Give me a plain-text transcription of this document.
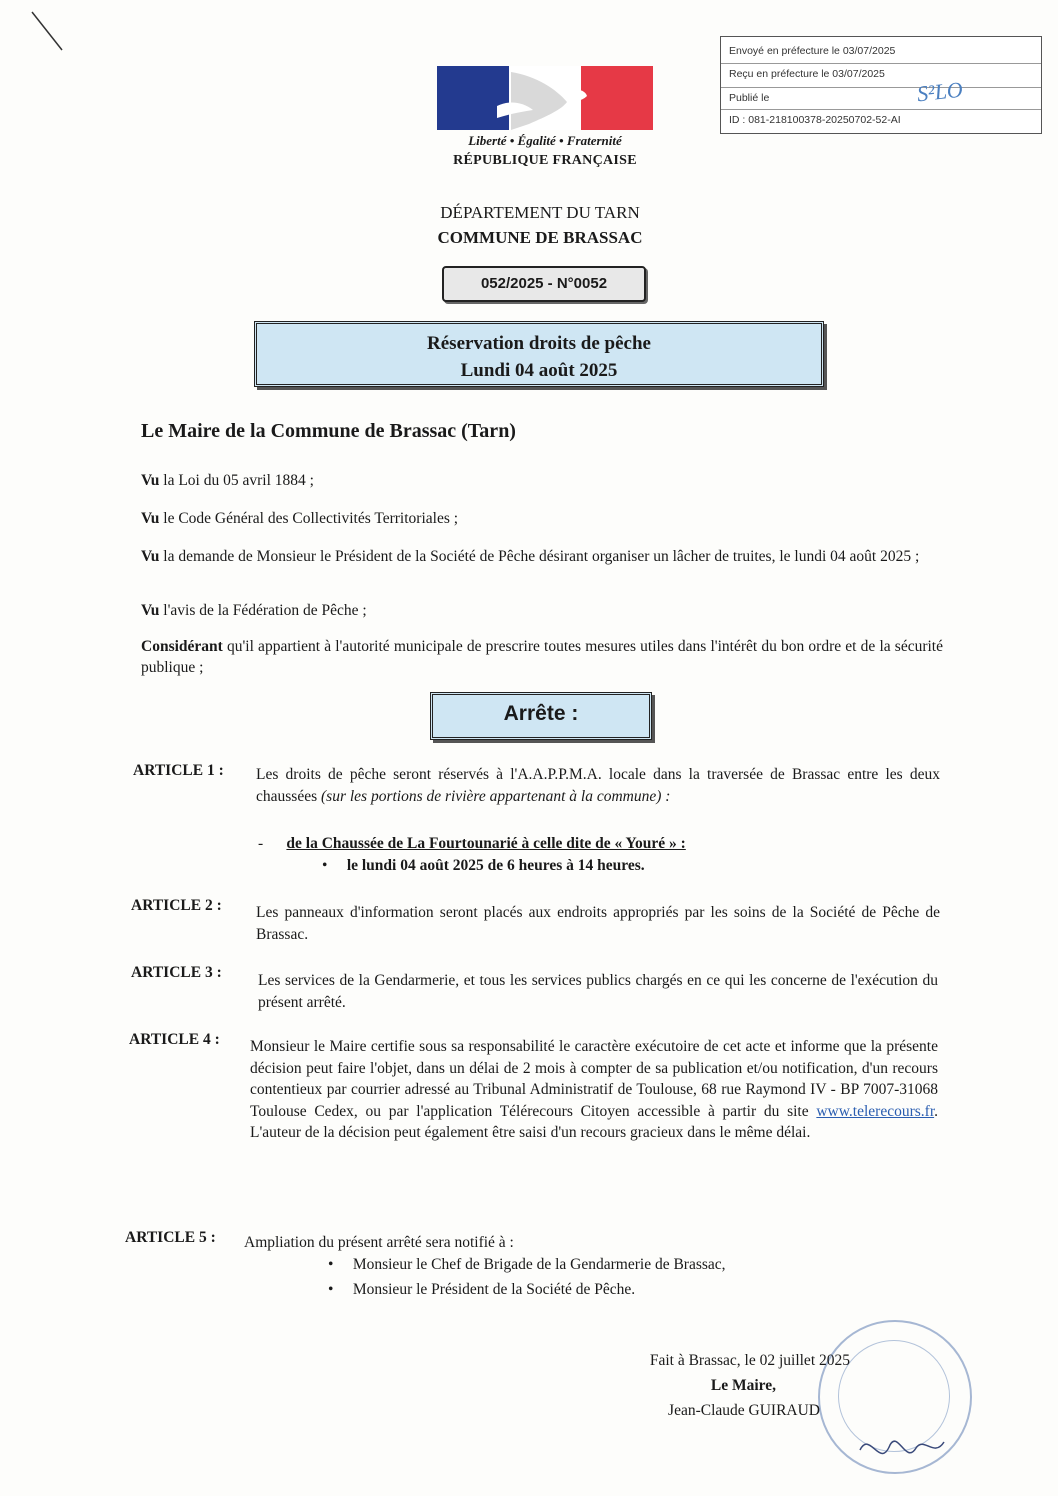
Envoyé en préfecture le 03/07/2025
Reçu en préfecture le 03/07/2025
Publié le
ID : 081-218100378-20250702-52-AI
S²LO
Liberté • Égalité • Fraternité
RÉPUBLIQUE FRANÇAISE
DÉPARTEMENT DU TARN
COMMUNE DE BRASSAC
052/2025 - N°0052
Réservation droits de pêche
Lundi 04 août 2025
Le Maire de la Commune de Brassac (Tarn)
Vu la Loi du 05 avril 1884 ;
Vu le Code Général des Collectivités Territoriales ;
Vu la demande de Monsieur le Président de la Société de Pêche désirant organiser un lâcher de truites, le lundi 04 août 2025 ;
Vu l'avis de la Fédération de Pêche ;
Considérant qu'il appartient à l'autorité municipale de prescrire toutes mesures utiles dans l'intérêt du bon ordre et de la sécurité publique ;
Arrête :
ARTICLE 1 : Les droits de pêche seront réservés à l'A.A.P.P.M.A. locale dans la traversée de Brassac entre les deux chaussées (sur les portions de rivière appartenant à la commune) :
-      de la Chaussée de La Fourtounarié à celle dite de « Youré » :
•     le lundi 04 août 2025 de 6 heures à 14 heures.
ARTICLE 2 : Les panneaux d'information seront placés aux endroits appropriés par les soins de la Société de Pêche de Brassac.
ARTICLE 3 : Les services de la Gendarmerie, et tous les services publics chargés en ce qui les concerne de l'exécution du présent arrêté.
ARTICLE 4 : Monsieur le Maire certifie sous sa responsabilité le caractère exécutoire de cet acte et informe que la présente décision peut faire l'objet, dans un délai de 2 mois à compter de sa publication et/ou notification, d'un recours contentieux par courrier adressé au Tribunal Administratif de Toulouse, 68 rue Raymond IV - BP 7007-31068 Toulouse Cedex, ou par l'application Télérecours Citoyen accessible à partir du site www.telerecours.fr. L'auteur de la décision peut également être saisi d'un recours gracieux dans le même délai.
ARTICLE 5 : Ampliation du présent arrêté sera notifié à :
•     Monsieur le Chef de Brigade de la Gendarmerie de Brassac,
•     Monsieur le Président de la Société de Pêche.
Fait à Brassac, le 02 juillet 2025
Le Maire,
Jean-Claude GUIRAUD
